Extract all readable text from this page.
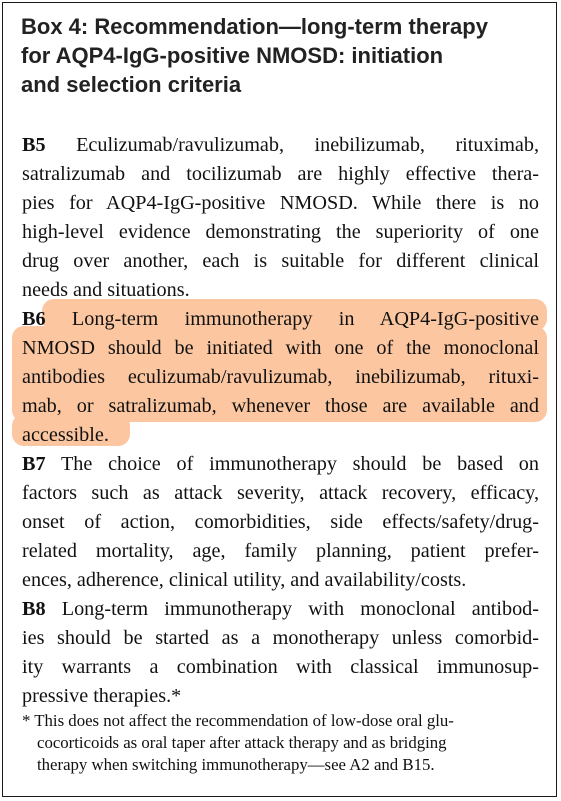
Box 4: Recommendation—long-term therapy
for AQP4-IgG-positive NMOSD: initiation
and selection criteria
B5 Eculizumab/ravulizumab, inebilizumab, rituximab,
satralizumab and tocilizumab are highly effective thera-
pies for AQP4-IgG-positive NMOSD. While there is no
high-level evidence demonstrating the superiority of one
drug over another, each is suitable for different clinical
needs and situations.
B6 Long-term immunotherapy in AQP4-IgG-positive
NMOSD should be initiated with one of the monoclonal
antibodies eculizumab/ravulizumab, inebilizumab, rituxi-
mab, or satralizumab, whenever those are available and
accessible.
B7 The choice of immunotherapy should be based on
factors such as attack severity, attack recovery, efficacy,
onset of action, comorbidities, side effects/safety/drug-
related mortality, age, family planning, patient prefer-
ences, adherence, clinical utility, and availability/costs.
B8 Long-term immunotherapy with monoclonal antibod-
ies should be started as a monotherapy unless comorbid-
ity warrants a combination with classical immunosup-
pressive therapies.*
* This does not affect the recommendation of low-dose oral glu-
cocorticoids as oral taper after attack therapy and as bridging
therapy when switching immunotherapy—see A2 and B15.
